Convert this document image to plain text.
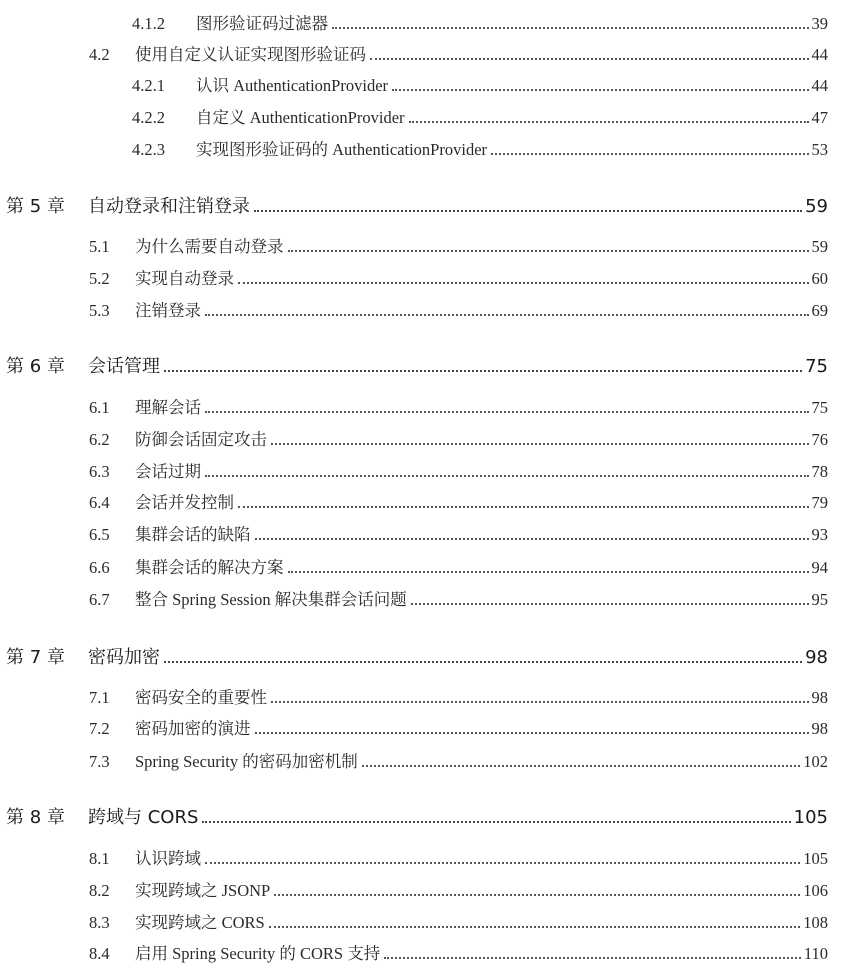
4.1.2	图形验证码过滤器	39
4.2	使用自定义认证实现图形验证码	44
4.2.1	认识 AuthenticationProvider	44
4.2.2	自定义 AuthenticationProvider	47
4.2.3	实现图形验证码的 AuthenticationProvider	53
第 5 章	自动登录和注销登录	59
5.1	为什么需要自动登录	59
5.2	实现自动登录	60
5.3	注销登录	69
第 6 章	会话管理	75
6.1	理解会话	75
6.2	防御会话固定攻击	76
6.3	会话过期	78
6.4	会话并发控制	79
6.5	集群会话的缺陷	93
6.6	集群会话的解决方案	94
6.7	整合 Spring Session 解决集群会话问题	95
第 7 章	密码加密	98
7.1	密码安全的重要性	98
7.2	密码加密的演进	98
7.3	Spring Security 的密码加密机制	102
第 8 章	跨域与 CORS	105
8.1	认识跨域	105
8.2	实现跨域之 JSONP	106
8.3	实现跨域之 CORS	108
8.4	启用 Spring Security 的 CORS 支持	110
